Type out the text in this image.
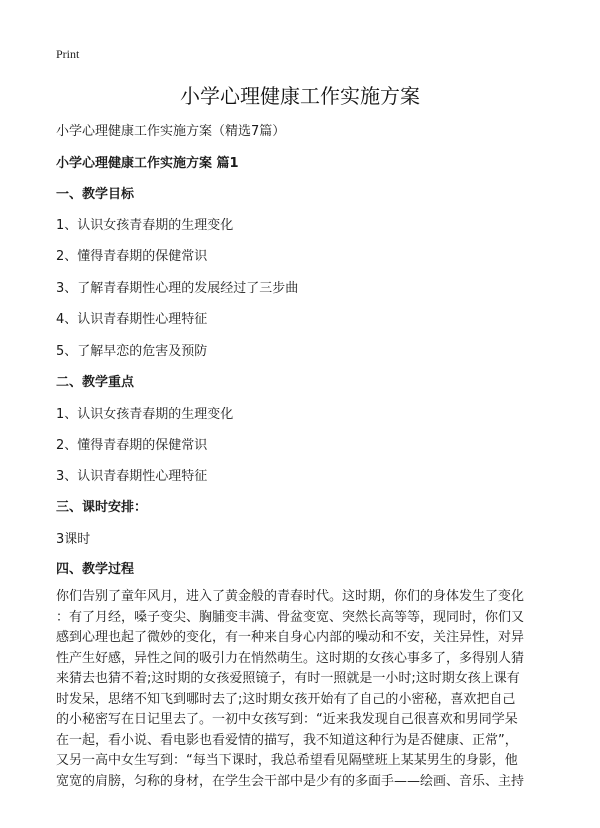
Print
小学心理健康工作实施方案
小学心理健康工作实施方案（精选7篇）
小学心理健康工作实施方案 篇1
一、教学目标
1、认识女孩青春期的生理变化
2、懂得青春期的保健常识
3、了解青春期性心理的发展经过了三步曲
4、认识青春期性心理特征
5、了解早恋的危害及预防
二、教学重点
1、认识女孩青春期的生理变化
2、懂得青春期的保健常识
3、认识青春期性心理特征
三、课时安排：
3课时
四、教学过程
你们告别了童年风月，进入了黄金般的青春时代。这时期，你们的身体发生了变化
：有了月经，嗓子变尖、胸脯变丰满、骨盆变宽、突然长高等等，现同时，你们又
感到心理也起了微妙的变化，有一种来自身心内部的噪动和不安，关注异性，对异
性产生好感，异性之间的吸引力在悄然萌生。这时期的女孩心事多了，多得别人猜
来猜去也猜不着;这时期的女孩爱照镜子，有时一照就是一小时;这时期女孩上课有
时发呆，思绪不知飞到哪时去了;这时期女孩开始有了自己的小密秘，喜欢把自己
的小秘密写在日记里去了。一初中女孩写到：“近来我发现自己很喜欢和男同学呆
在一起，看小说、看电影也看爱情的描写，我不知道这种行为是否健康、正常”，
又另一高中女生写到：“每当下课时，我总希望看见隔壁班上某某男生的身影，他
宽宽的肩膀，匀称的身材，在学生会干部中是少有的多面手——绘画、音乐、主持
